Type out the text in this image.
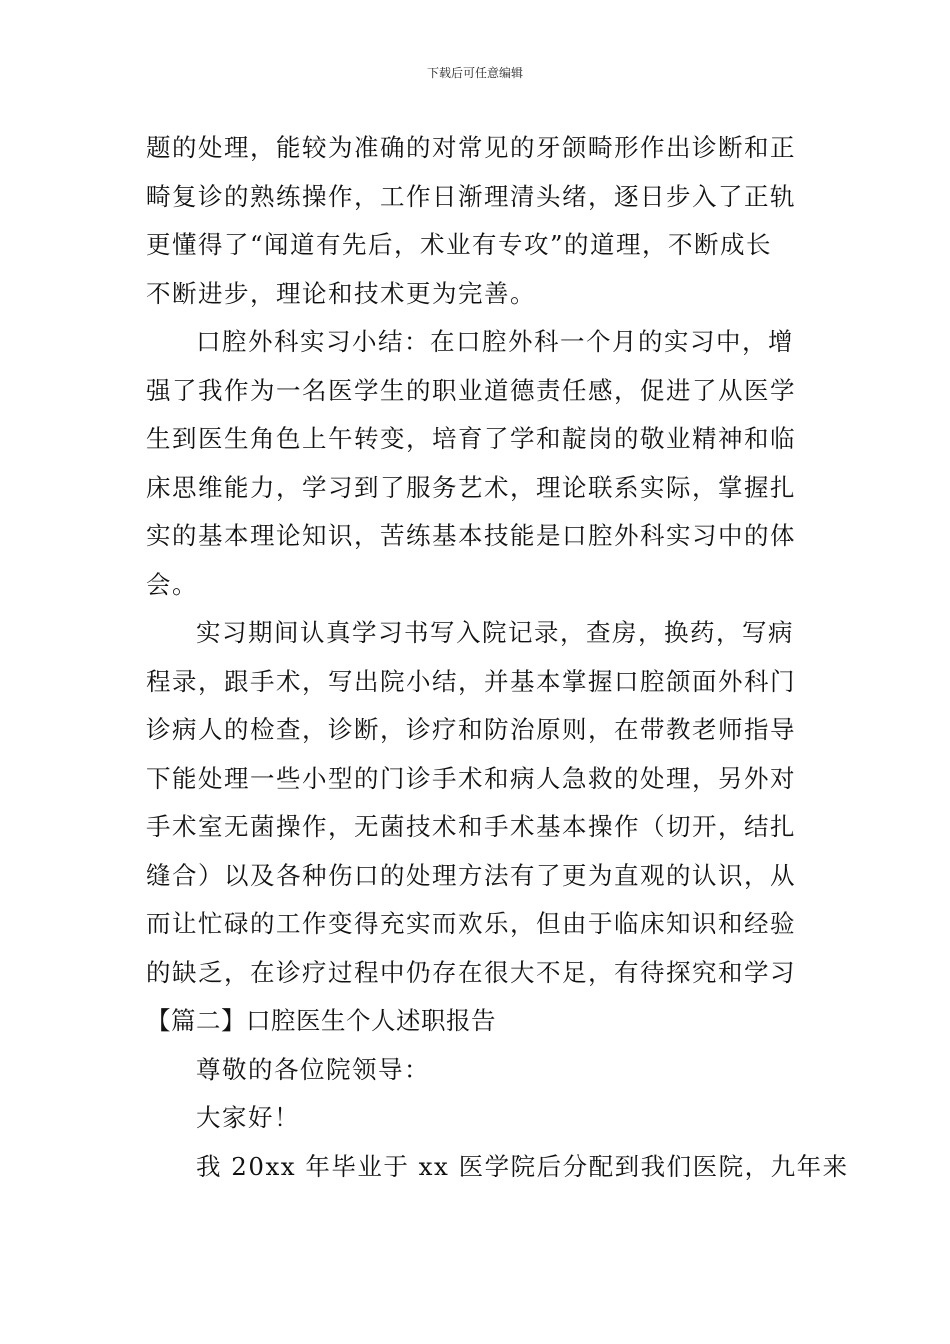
下载后可任意编辑
题的处理，能较为准确的对常见的牙颌畸形作出诊断和正
畸复诊的熟练操作，工作日渐理清头绪，逐日步入了正轨
更懂得了“闻道有先后，术业有专攻”的道理，不断成长
不断进步，理论和技术更为完善。
口腔外科实习小结：在口腔外科一个月的实习中，增
强了我作为一名医学生的职业道德责任感，促进了从医学
生到医生角色上午转变，培育了学和靛岗的敬业精神和临
床思维能力，学习到了服务艺术，理论联系实际，掌握扎
实的基本理论知识，苦练基本技能是口腔外科实习中的体
会。
实习期间认真学习书写入院记录，查房，换药，写病
程录，跟手术，写出院小结，并基本掌握口腔颌面外科门
诊病人的检查，诊断，诊疗和防治原则，在带教老师指导
下能处理一些小型的门诊手术和病人急救的处理，另外对
手术室无菌操作，无菌技术和手术基本操作（切开，结扎
缝合）以及各种伤口的处理方法有了更为直观的认识，从
而让忙碌的工作变得充实而欢乐，但由于临床知识和经验
的缺乏，在诊疗过程中仍存在很大不足，有待探究和学习
【篇二】口腔医生个人述职报告
尊敬的各位院领导：
大家好！
我 20xx 年毕业于 xx 医学院后分配到我们医院，九年来
